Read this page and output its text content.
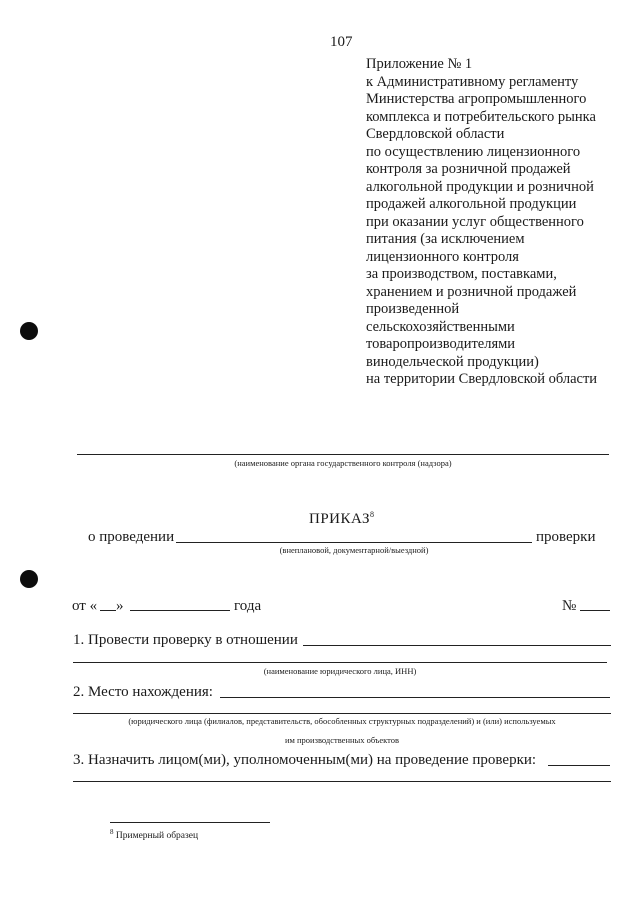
107
Приложение № 1
к Административному регламенту
Министерства агропромышленного
комплекса и потребительского рынка
Свердловской области
по осуществлению лицензионного
контроля за розничной продажей
алкогольной продукции и розничной
продажей алкогольной продукции
при оказании услуг общественного
питания (за исключением
лицензионного контроля
за производством, поставками,
хранением и розничной продажей
произведенной
сельскохозяйственными
товаропроизводителями
винодельческой продукции)
на территории Свердловской области
(наименование органа государственного контроля (надзора)
ПРИКАЗ$^8$
о проведении	проверки
(внеплановой, документарной/выездной)
от « »	года	№
1. Провести проверку в отношении
(наименование юридического лица, ИНН)
2. Место нахождения:
(юридического лица (филиалов, представительств, обособленных структурных подразделений) и (или) используемых
им производственных объектов
3. Назначить лицом(ми), уполномоченным(ми) на проведение проверки:
$^8$ Примерный образец
